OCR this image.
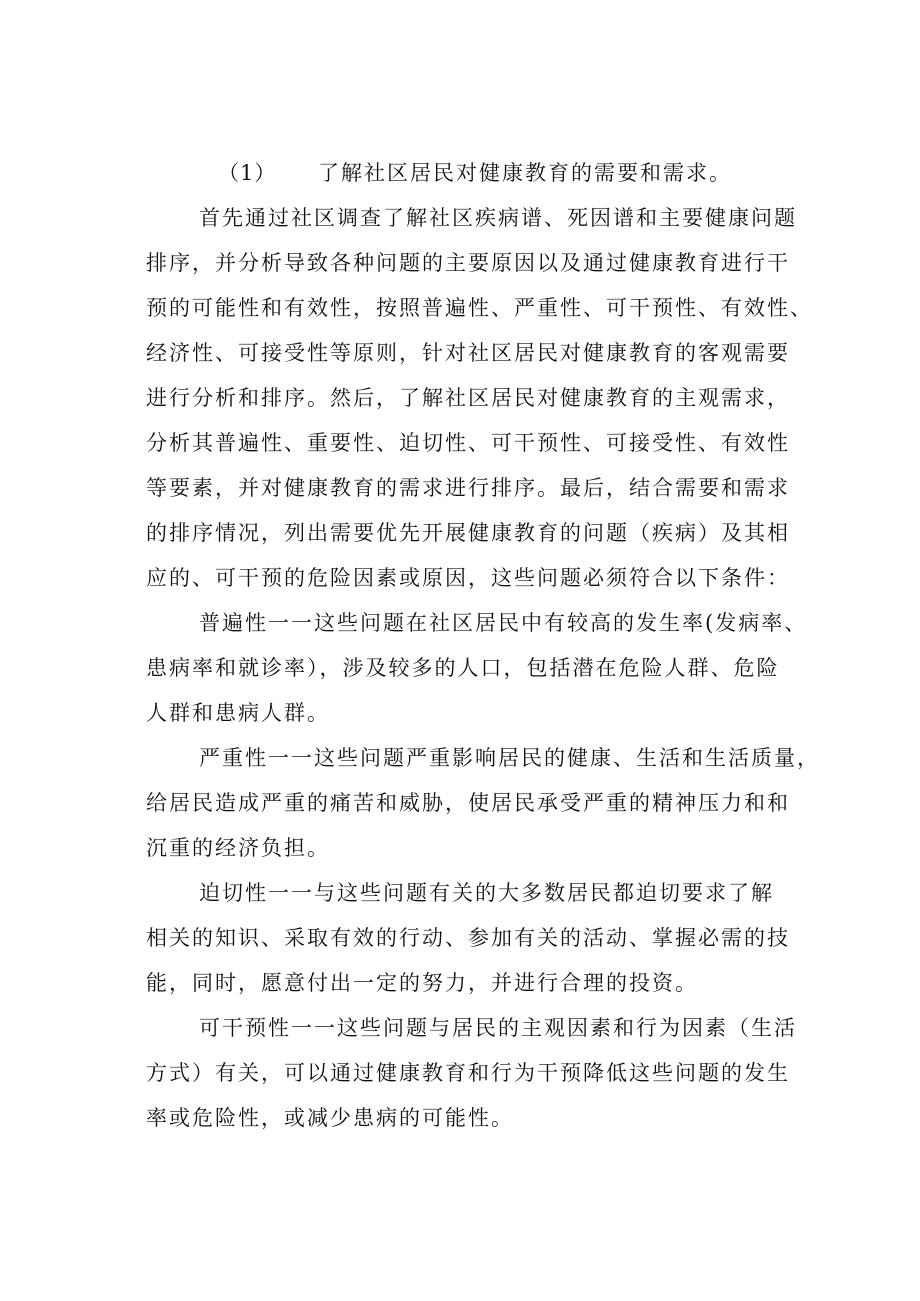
（1） 了解社区居民对健康教育的需要和需求。
首先通过社区调查了解社区疾病谱、死因谱和主要健康问题
排序，并分析导致各种问题的主要原因以及通过健康教育进行干
预的可能性和有效性，按照普遍性、严重性、可干预性、有效性、
经济性、可接受性等原则，针对社区居民对健康教育的客观需要
进行分析和排序。然后，了解社区居民对健康教育的主观需求，
分析其普遍性、重要性、迫切性、可干预性、可接受性、有效性
等要素，并对健康教育的需求进行排序。最后，结合需要和需求
的排序情况，列出需要优先开展健康教育的问题（疾病）及其相
应的、可干预的危险因素或原因，这些问题必须符合以下条件：
普遍性一一这些问题在社区居民中有较高的发生率(发病率、
患病率和就诊率），涉及较多的人口，包括潜在危险人群、危险
人群和患病人群。
严重性一一这些问题严重影响居民的健康、生活和生活质量，
给居民造成严重的痛苦和威胁，使居民承受严重的精神压力和和
沉重的经济负担。
迫切性一一与这些问题有关的大多数居民都迫切要求了解
相关的知识、采取有效的行动、参加有关的活动、掌握必需的技
能，同时，愿意付出一定的努力，并进行合理的投资。
可干预性一一这些问题与居民的主观因素和行为因素（生活
方式）有关，可以通过健康教育和行为干预降低这些问题的发生
率或危险性，或减少患病的可能性。
